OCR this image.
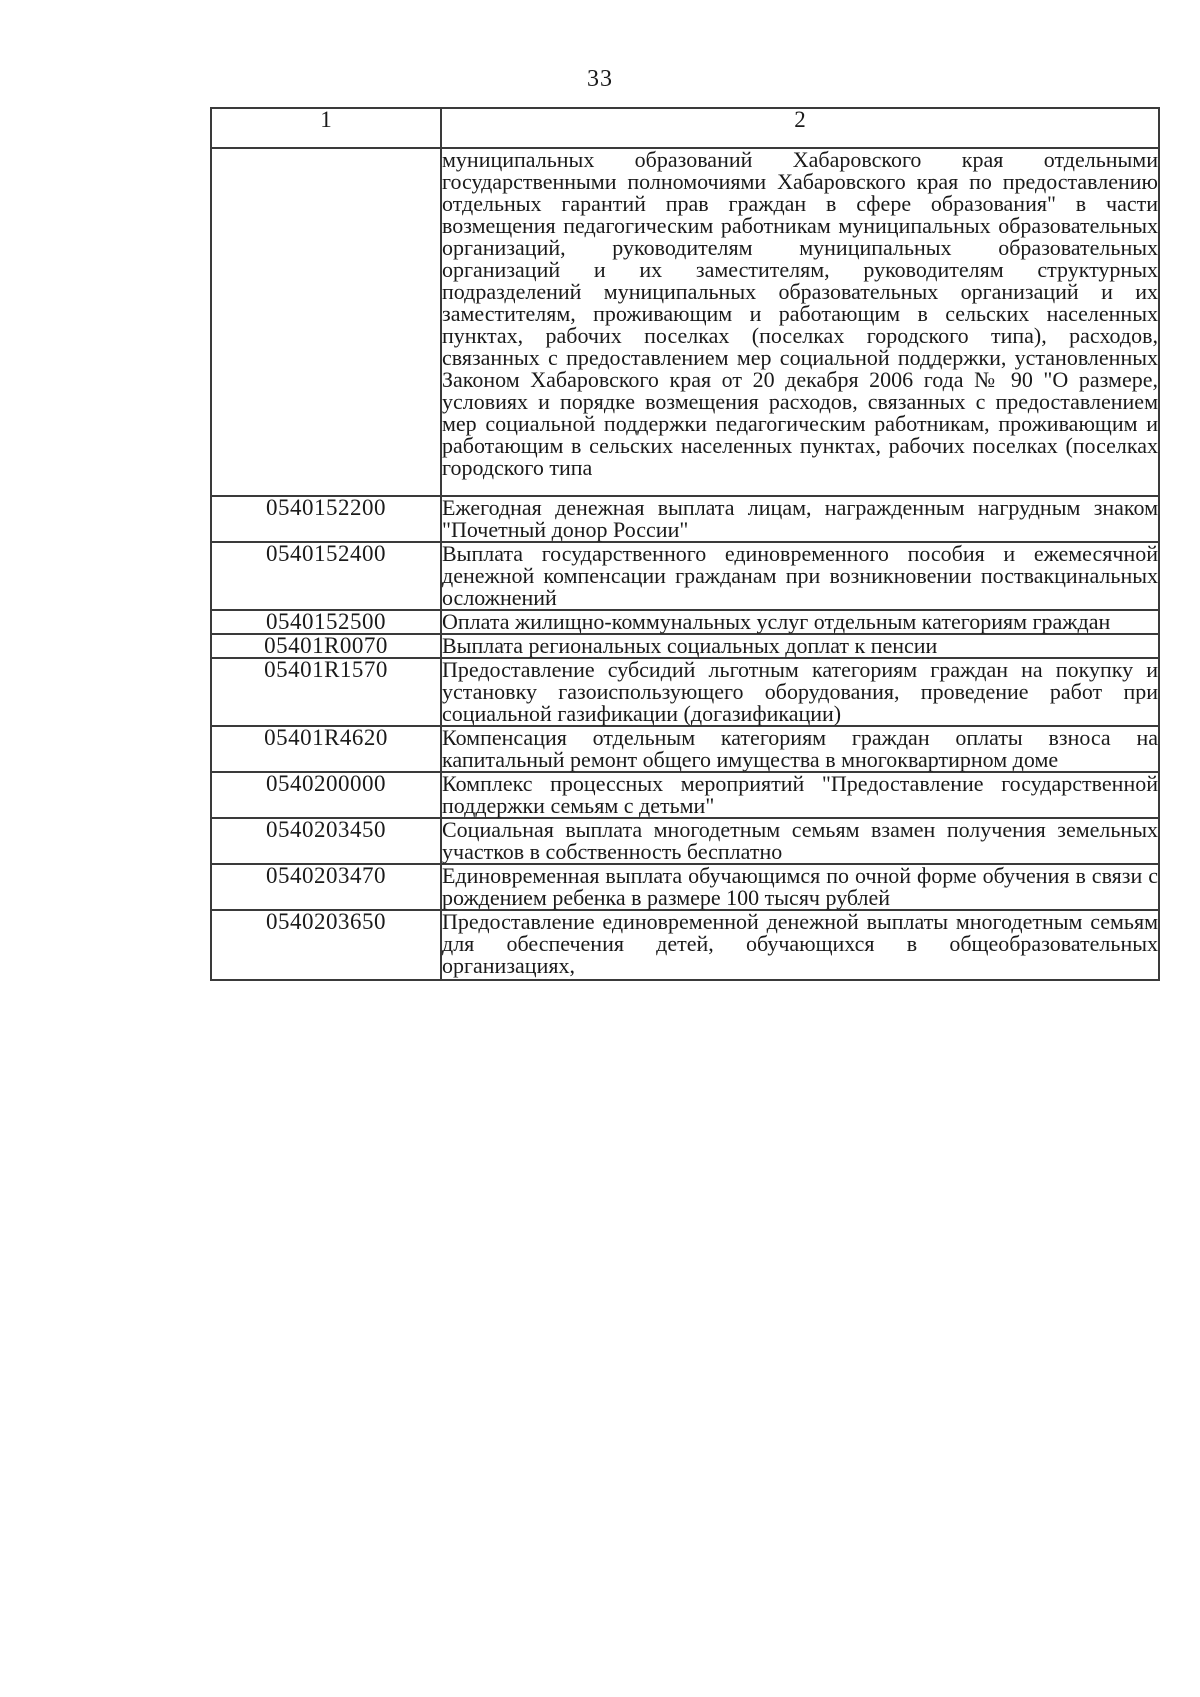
33
1	2
	муниципальных образований Хабаровского края отдельными государственными полномочиями Хабаровского края по предоставлению отдельных гарантий прав граждан в сфере образования" в части возмещения педагогическим работникам муниципальных образовательных организаций, руководителям муниципальных образовательных организаций и их заместителям, руководителям структурных подразделений муниципальных образовательных организаций и их заместителям, проживающим и работающим в сельских населенных пунктах, рабочих поселках (поселках городского типа), расходов, связанных с предоставлением мер социальной поддержки, установленных Законом Хабаровского края от 20 декабря 2006 года № 90 "О размере, условиях и порядке возмещения расходов, связанных с предоставлением мер социальной поддержки педагогическим работникам, проживающим и работающим в сельских населенных пунктах, рабочих поселках (поселках городского типа
0540152200	Ежегодная денежная выплата лицам, награжденным нагрудным знаком "Почетный донор России"
0540152400	Выплата государственного единовременного пособия и ежемесячной денежной компенсации гражданам при возникновении поствакцинальных осложнений
0540152500	Оплата жилищно-коммунальных услуг отдельным категориям граждан
05401R0070	Выплата региональных социальных доплат к пенсии
05401R1570	Предоставление субсидий льготным категориям граждан на покупку и установку газоиспользующего оборудования, проведение работ при социальной газификации (догазификации)
05401R4620	Компенсация отдельным категориям граждан оплаты взноса на капитальный ремонт общего имущества в многоквартирном доме
0540200000	Комплекс процессных мероприятий "Предоставление государственной поддержки семьям с детьми"
0540203450	Социальная выплата многодетным семьям взамен получения земельных участков в собственность бесплатно
0540203470	Единовременная выплата обучающимся по очной форме обучения в связи с рождением ребенка в размере 100 тысяч рублей
0540203650	Предоставление единовременной денежной выплаты многодетным семьям для обеспечения детей, обучающихся в общеобразовательных организациях,
